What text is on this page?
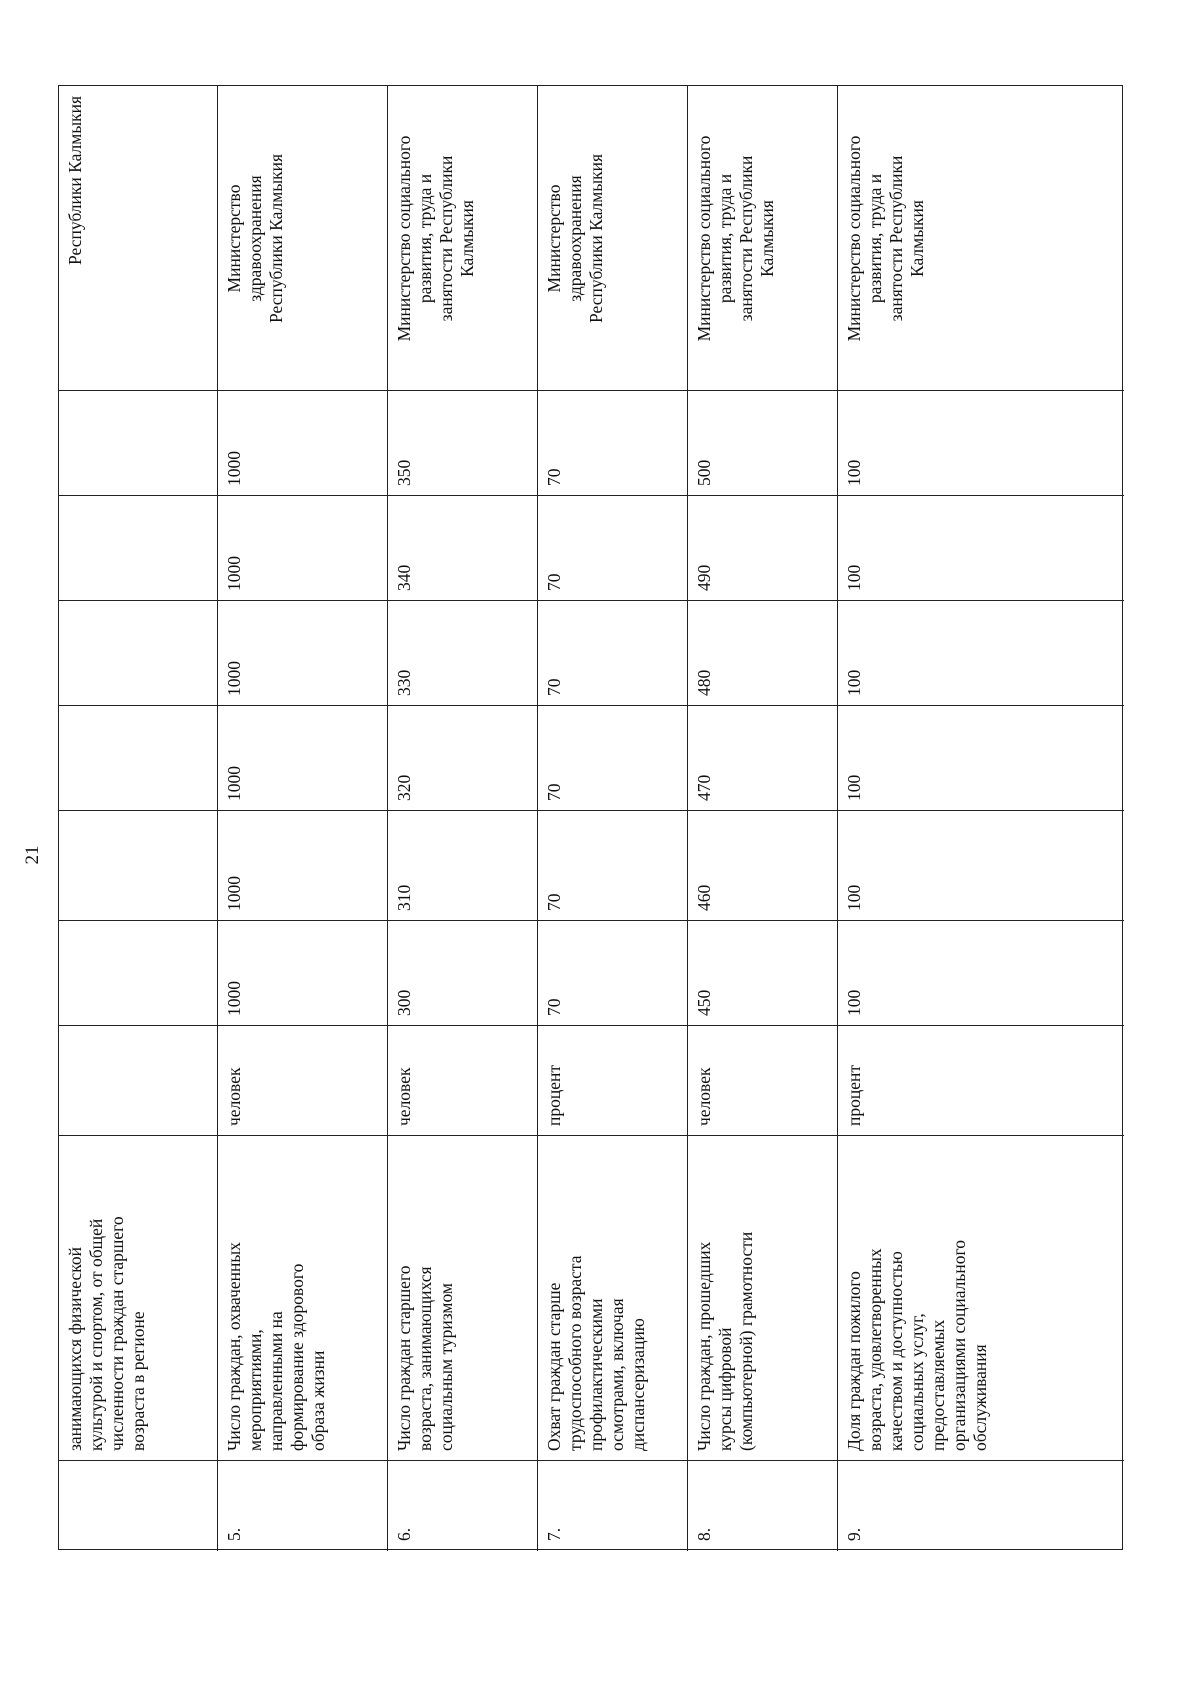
21
занимающихся физической
культурой и спортом, от общей
численности граждан старшего
возраста в регионе
Республики Калмыкия
5.
Число граждан, охваченных
мероприятиями,
направленными на
формирование здорового
образа жизни
человек
1000
1000
1000
1000
1000
1000
Министерство
здравоохранения
Республики Калмыкия
6.
Число граждан старшего
возраста, занимающихся
социальным туризмом
человек
300
310
320
330
340
350
Министерство социального
развития, труда и
занятости Республики
Калмыкия
7.
Охват граждан старше
трудоспособного возраста
профилактическими
осмотрами, включая
диспансеризацию
процент
70
70
70
70
70
70
Министерство
здравоохранения
Республики Калмыкия
8.
Число граждан, прошедших
курсы цифровой
(компьютерной) грамотности
человек
450
460
470
480
490
500
Министерство социального
развития, труда и
занятости Республики
Калмыкия
9.
Доля граждан пожилого
возраста, удовлетворенных
качеством и доступностью
социальных услуг,
предоставляемых
организациями социального
обслуживания
процент
100
100
100
100
100
100
Министерство социального
развития, труда и
занятости Республики
Калмыкия
